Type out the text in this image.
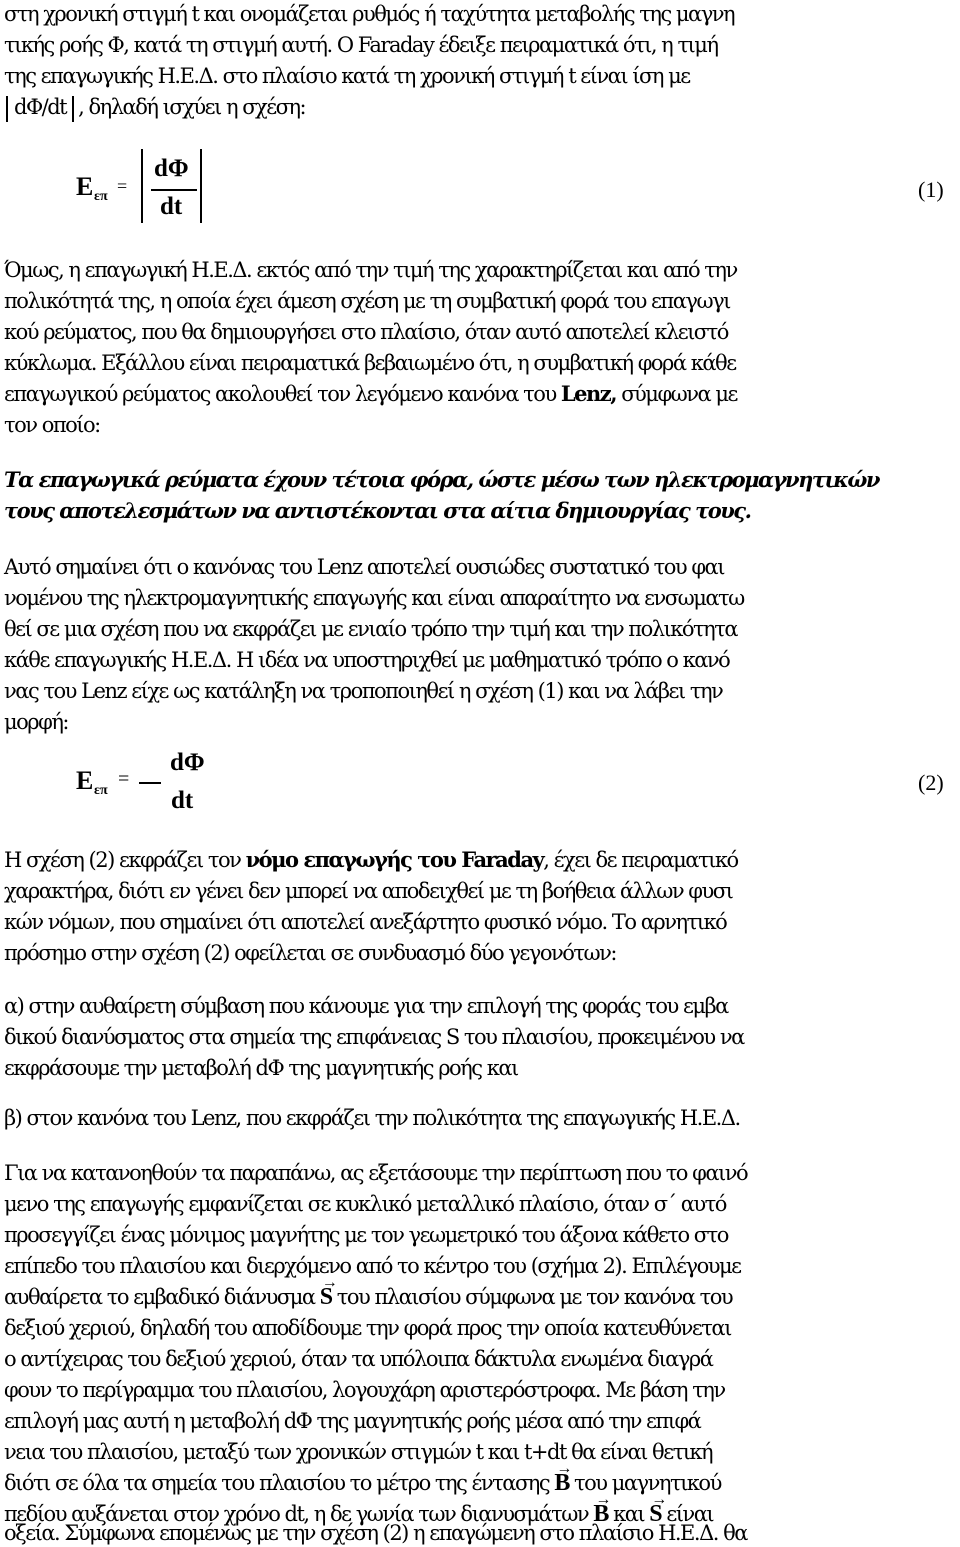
στη χρονική στιγμή t και ονομάζεται ρυθμός ή ταχύτητα μεταβολής της μαγνη
τικής ροής Φ, κατά τη στιγμή αυτή. Ο Faraday έδειξε πειραματικά ότι, η τιμή
της επαγωγικής Η.Ε.Δ. στο πλαίσιο κατά τη χρονική στιγμή t είναι ίση με
dΦ/dt , δηλαδή ισχύει η σχέση:
E επ
=
dΦ
dt
(1)
Όμως, η επαγωγική Η.Ε.Δ. εκτός από την τιμή της χαρακτηρίζεται και από την
πολικότητά της, η οποία έχει άμεση σχέση με τη συμβατική φορά του επαγωγι
κού ρεύματος, που θα δημιουργήσει στο πλαίσιο, όταν αυτό αποτελεί κλειστό
κύκλωμα. Εξάλλου είναι πειραματικά βεβαιωμένο ότι, η συμβατική φορά κάθε
επαγωγικού ρεύματος ακολουθεί τον λεγόμενο κανόνα του Lenz, σύμφωνα με
τον οποίο:
Τα επαγωγικά ρεύματα έχουν τέτοια φόρα, ώστε μέσω των ηλεκτρομαγνητικών
τους αποτελεσμάτων να αντιστέκονται στα αίτια δημιουργίας τους.
Αυτό σημαίνει ότι ο κανόνας του Lenz αποτελεί ουσιώδες συστατικό του φαι
νομένου της ηλεκτρομαγνητικής επαγωγής και είναι απαραίτητο να ενσωματω
θεί σε μια σχέση που να εκφράζει με ενιαίο τρόπο την τιμή και την πολικότητα
κάθε επαγωγικής Η.Ε.Δ. Η ιδέα να υποστηριχθεί με μαθηματικό τρόπο ο κανό
νας του Lenz είχε ως κατάληξη να τροποποιηθεί η σχέση (1) και να λάβει την
μορφή:
E επ
=
dΦ
dt
(2)
Η σχέση (2) εκφράζει τον νόμο επαγωγής του Faraday, έχει δε πειραματικό
χαρακτήρα, διότι εν γένει δεν μπορεί να αποδειχθεί με τη βοήθεια άλλων φυσι
κών νόμων, που σημαίνει ότι αποτελεί ανεξάρτητο φυσικό νόμο. Το αρνητικό
πρόσημο στην σχέση (2) οφείλεται σε συνδυασμό δύο γεγονότων:
α) στην αυθαίρετη σύμβαση που κάνουμε για την επιλογή της φοράς του εμβα
δικού διανύσματος στα σημεία της επιφάνειας S του πλαισίου, προκειμένου να
εκφράσουμε την μεταβολή dΦ της μαγνητικής ροής και
β) στον κανόνα του Lenz, που εκφράζει την πολικότητα της επαγωγικής Η.Ε.Δ.
Για να κατανοηθούν τα παραπάνω, ας εξετάσουμε την περίπτωση που το φαινό
μενο της επαγωγής εμφανίζεται σε κυκλικό μεταλλικό πλαίσιο, όταν σ΄ αυτό
προσεγγίζει ένας μόνιμος μαγνήτης με τον γεωμετρικό του άξονα κάθετο στο
επίπεδο του πλαισίου και διερχόμενο από το κέντρο του (σχήμα 2). Επιλέγουμε
αυθαίρετα το εμβαδικό διάνυσμα → S του πλαισίου σύμφωνα με τον κανόνα του
δεξιού χεριού, δηλαδή του αποδίδουμε την φορά προς την οποία κατευθύνεται
ο αντίχειρας του δεξιού χεριού, όταν τα υπόλοιπα δάκτυλα ενωμένα διαγρά
φουν το περίγραμμα του πλαισίου, λογουχάρη αριστερόστροφα. Με βάση την
επιλογή μας αυτή η μεταβολή dΦ της μαγνητικής ροής μέσα από την επιφά
νεια του πλαισίου, μεταξύ των χρονικών στιγμών t και t+dt θα είναι θετική
διότι σε όλα τα σημεία του πλαισίου το μέτρο της έντασης → B του μαγνητικού
πεδίου αυξάνεται στον χρόνο dt, η δε γωνία των διανυσμάτων → B και → S είναι
οξεία. Σύμφωνα επομένως με την σχέση (2) η επαγώμενη στο πλαίσιο Η.Ε.Δ. θα
